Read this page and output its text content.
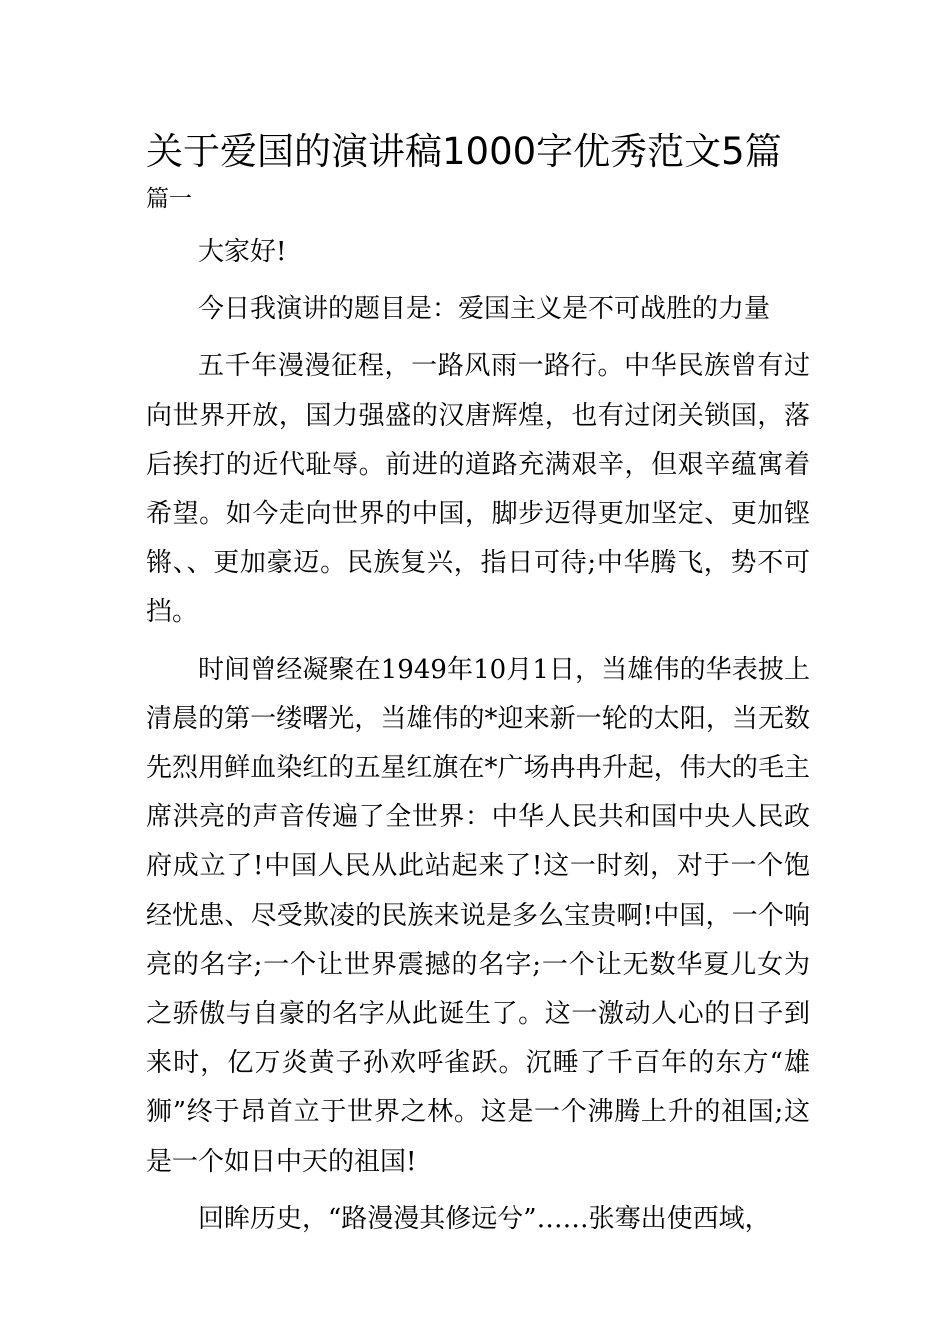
关于爱国的演讲稿1000字优秀范文5篇
篇一

大家好!

今日我演讲的题目是：爱国主义是不可战胜的力量

五千年漫漫征程，一路风雨一路行。中华民族曾有过向世界开放，国力强盛的汉唐辉煌，也有过闭关锁国，落后挨打的近代耻辱。前进的道路充满艰辛，但艰辛蕴寓着希望。如今走向世界的中国，脚步迈得更加坚定、更加铿锵、、更加豪迈。民族复兴，指日可待;中华腾飞，势不可挡。

时间曾经凝聚在1949年10月1日，当雄伟的华表披上清晨的第一缕曙光，当雄伟的*迎来新一轮的太阳，当无数先烈用鲜血染红的五星红旗在*广场冉冉升起，伟大的毛主席洪亮的声音传遍了全世界：中华人民共和国中央人民政府成立了!中国人民从此站起来了!这一时刻，对于一个饱经忧患、尽受欺凌的民族来说是多么宝贵啊!中国，一个响亮的名字;一个让世界震撼的名字;一个让无数华夏儿女为之骄傲与自豪的名字从此诞生了。这一激动人心的日子到来时，亿万炎黄子孙欢呼雀跃。沉睡了千百年的东方“雄狮”终于昂首立于世界之林。这是一个沸腾上升的祖国;这是一个如日中天的祖国!

回眸历史，“路漫漫其修远兮”……张骞出使西域，
